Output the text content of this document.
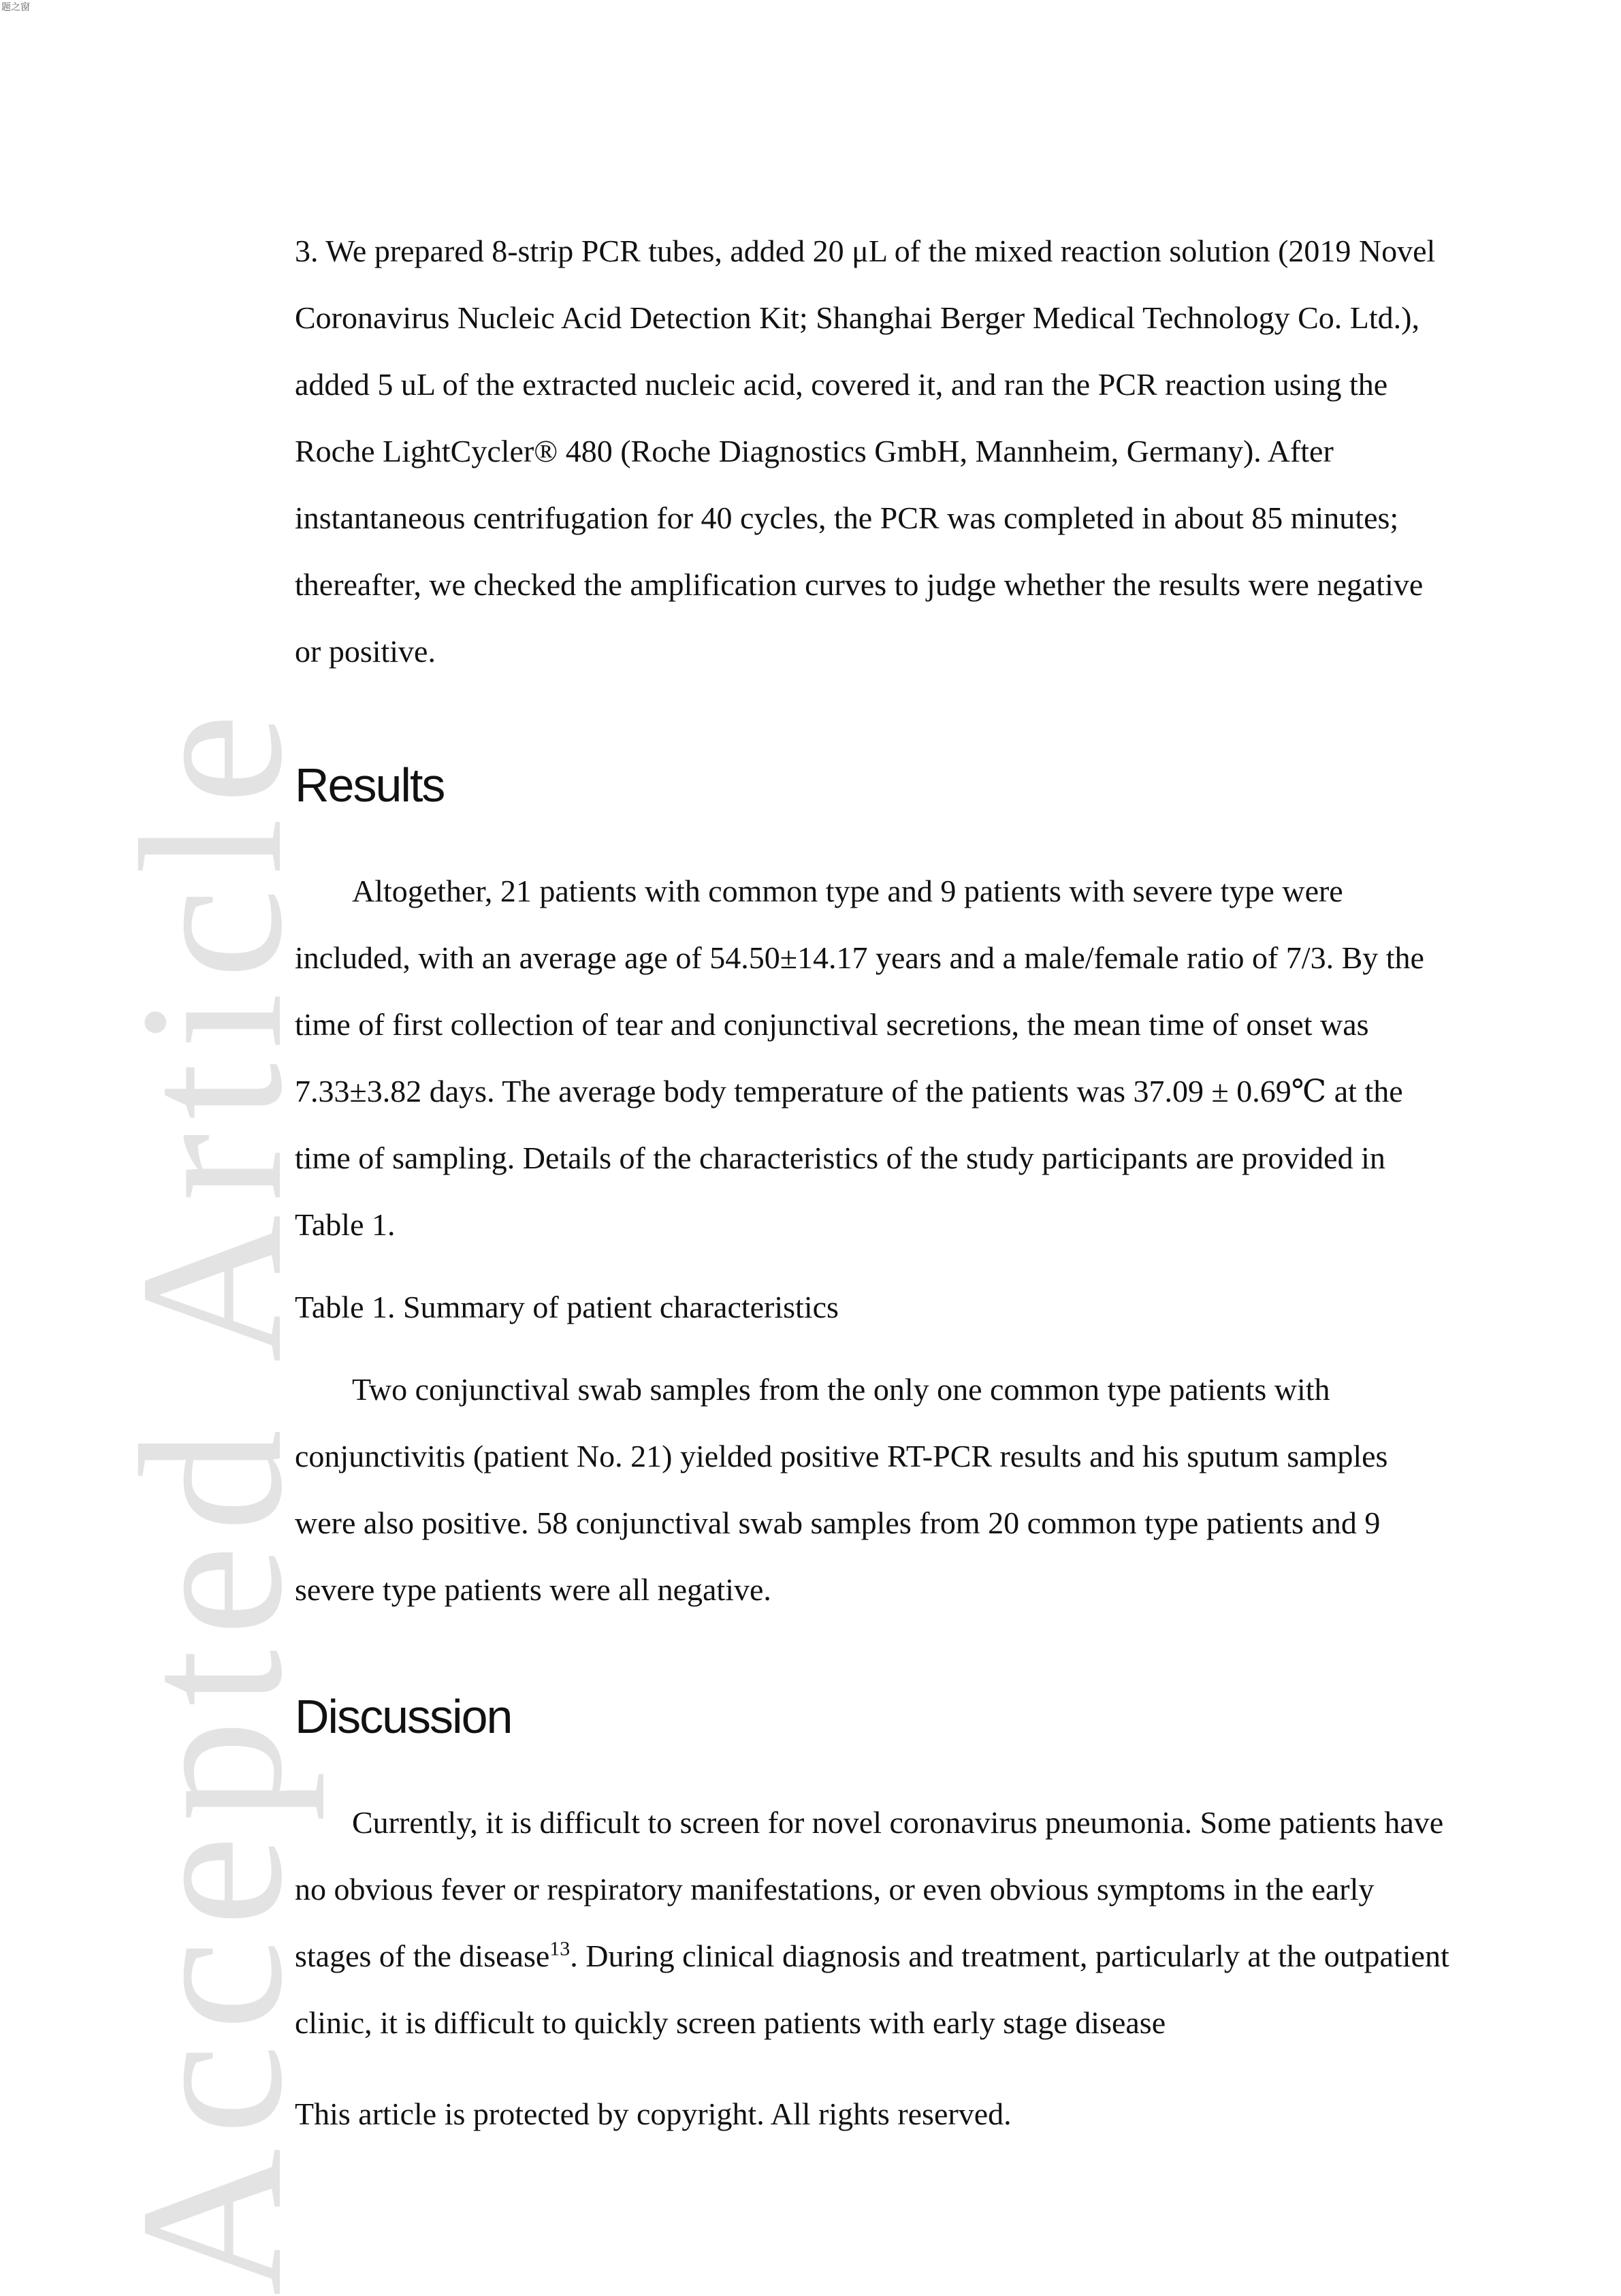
题之窗
Accepted Article

3. We prepared 8-strip PCR tubes, added 20 μL of the mixed reaction solution (2019 Novel Coronavirus Nucleic Acid Detection Kit; Shanghai Berger Medical Technology Co. Ltd.), added 5 uL of the extracted nucleic acid, covered it, and ran the PCR reaction using the Roche LightCycler® 480 (Roche Diagnostics GmbH, Mannheim, Germany). After instantaneous centrifugation for 40 cycles, the PCR was completed in about 85 minutes; thereafter, we checked the amplification curves to judge whether the results were negative or positive.

Results

Altogether, 21 patients with common type and 9 patients with severe type were included, with an average age of 54.50±14.17 years and a male/female ratio of 7/3. By the time of first collection of tear and conjunctival secretions, the mean time of onset was 7.33±3.82 days. The average body temperature of the patients was 37.09 ± 0.69℃ at the time of sampling. Details of the characteristics of the study participants are provided in Table 1.

Table 1. Summary of patient characteristics

Two conjunctival swab samples from the only one common type patients with conjunctivitis (patient No. 21) yielded positive RT-PCR results and his sputum samples were also positive. 58 conjunctival swab samples from 20 common type patients and 9 severe type patients were all negative.

Discussion

Currently, it is difficult to screen for novel coronavirus pneumonia. Some patients have no obvious fever or respiratory manifestations, or even obvious symptoms in the early stages of the disease$^{13}$. During clinical diagnosis and treatment, particularly at the outpatient clinic, it is difficult to quickly screen patients with early stage disease

This article is protected by copyright. All rights reserved.
